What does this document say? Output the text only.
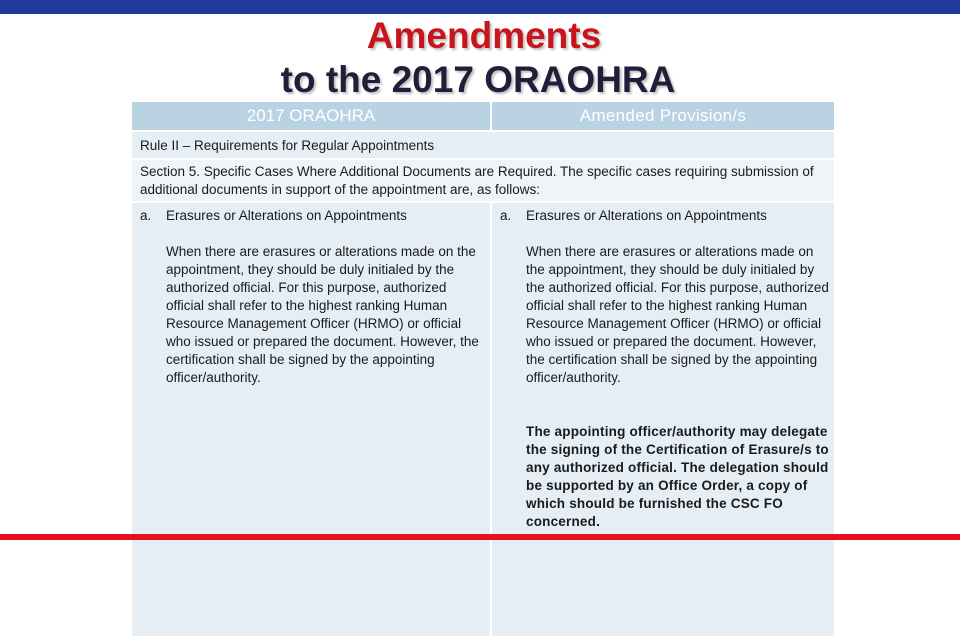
Amendments
to the 2017 ORAOHRA
2017 ORAOHRA	Amended Provision/s
Rule II – Requirements for Regular Appointments
Section 5. Specific Cases Where Additional Documents are Required. The specific cases requiring submission of additional documents in support of the appointment are, as follows:
a. Erasures or Alterations on Appointments
When there are erasures or alterations made on the appointment, they should be duly initialed by the authorized official. For this purpose, authorized official shall refer to the highest ranking Human Resource Management Officer (HRMO) or official who issued or prepared the document. However, the certification shall be signed by the appointing officer/authority.
a. Erasures or Alterations on Appointments
When there are erasures or alterations made on the appointment, they should be duly initialed by the authorized official. For this purpose, authorized official shall refer to the highest ranking Human Resource Management Officer (HRMO) or official who issued or prepared the document. However, the certification shall be signed by the appointing officer/authority.
The appointing officer/authority may delegate the signing of the Certification of Erasure/s to any authorized official. The delegation should be supported by an Office Order, a copy of which should be furnished the CSC FO concerned.
